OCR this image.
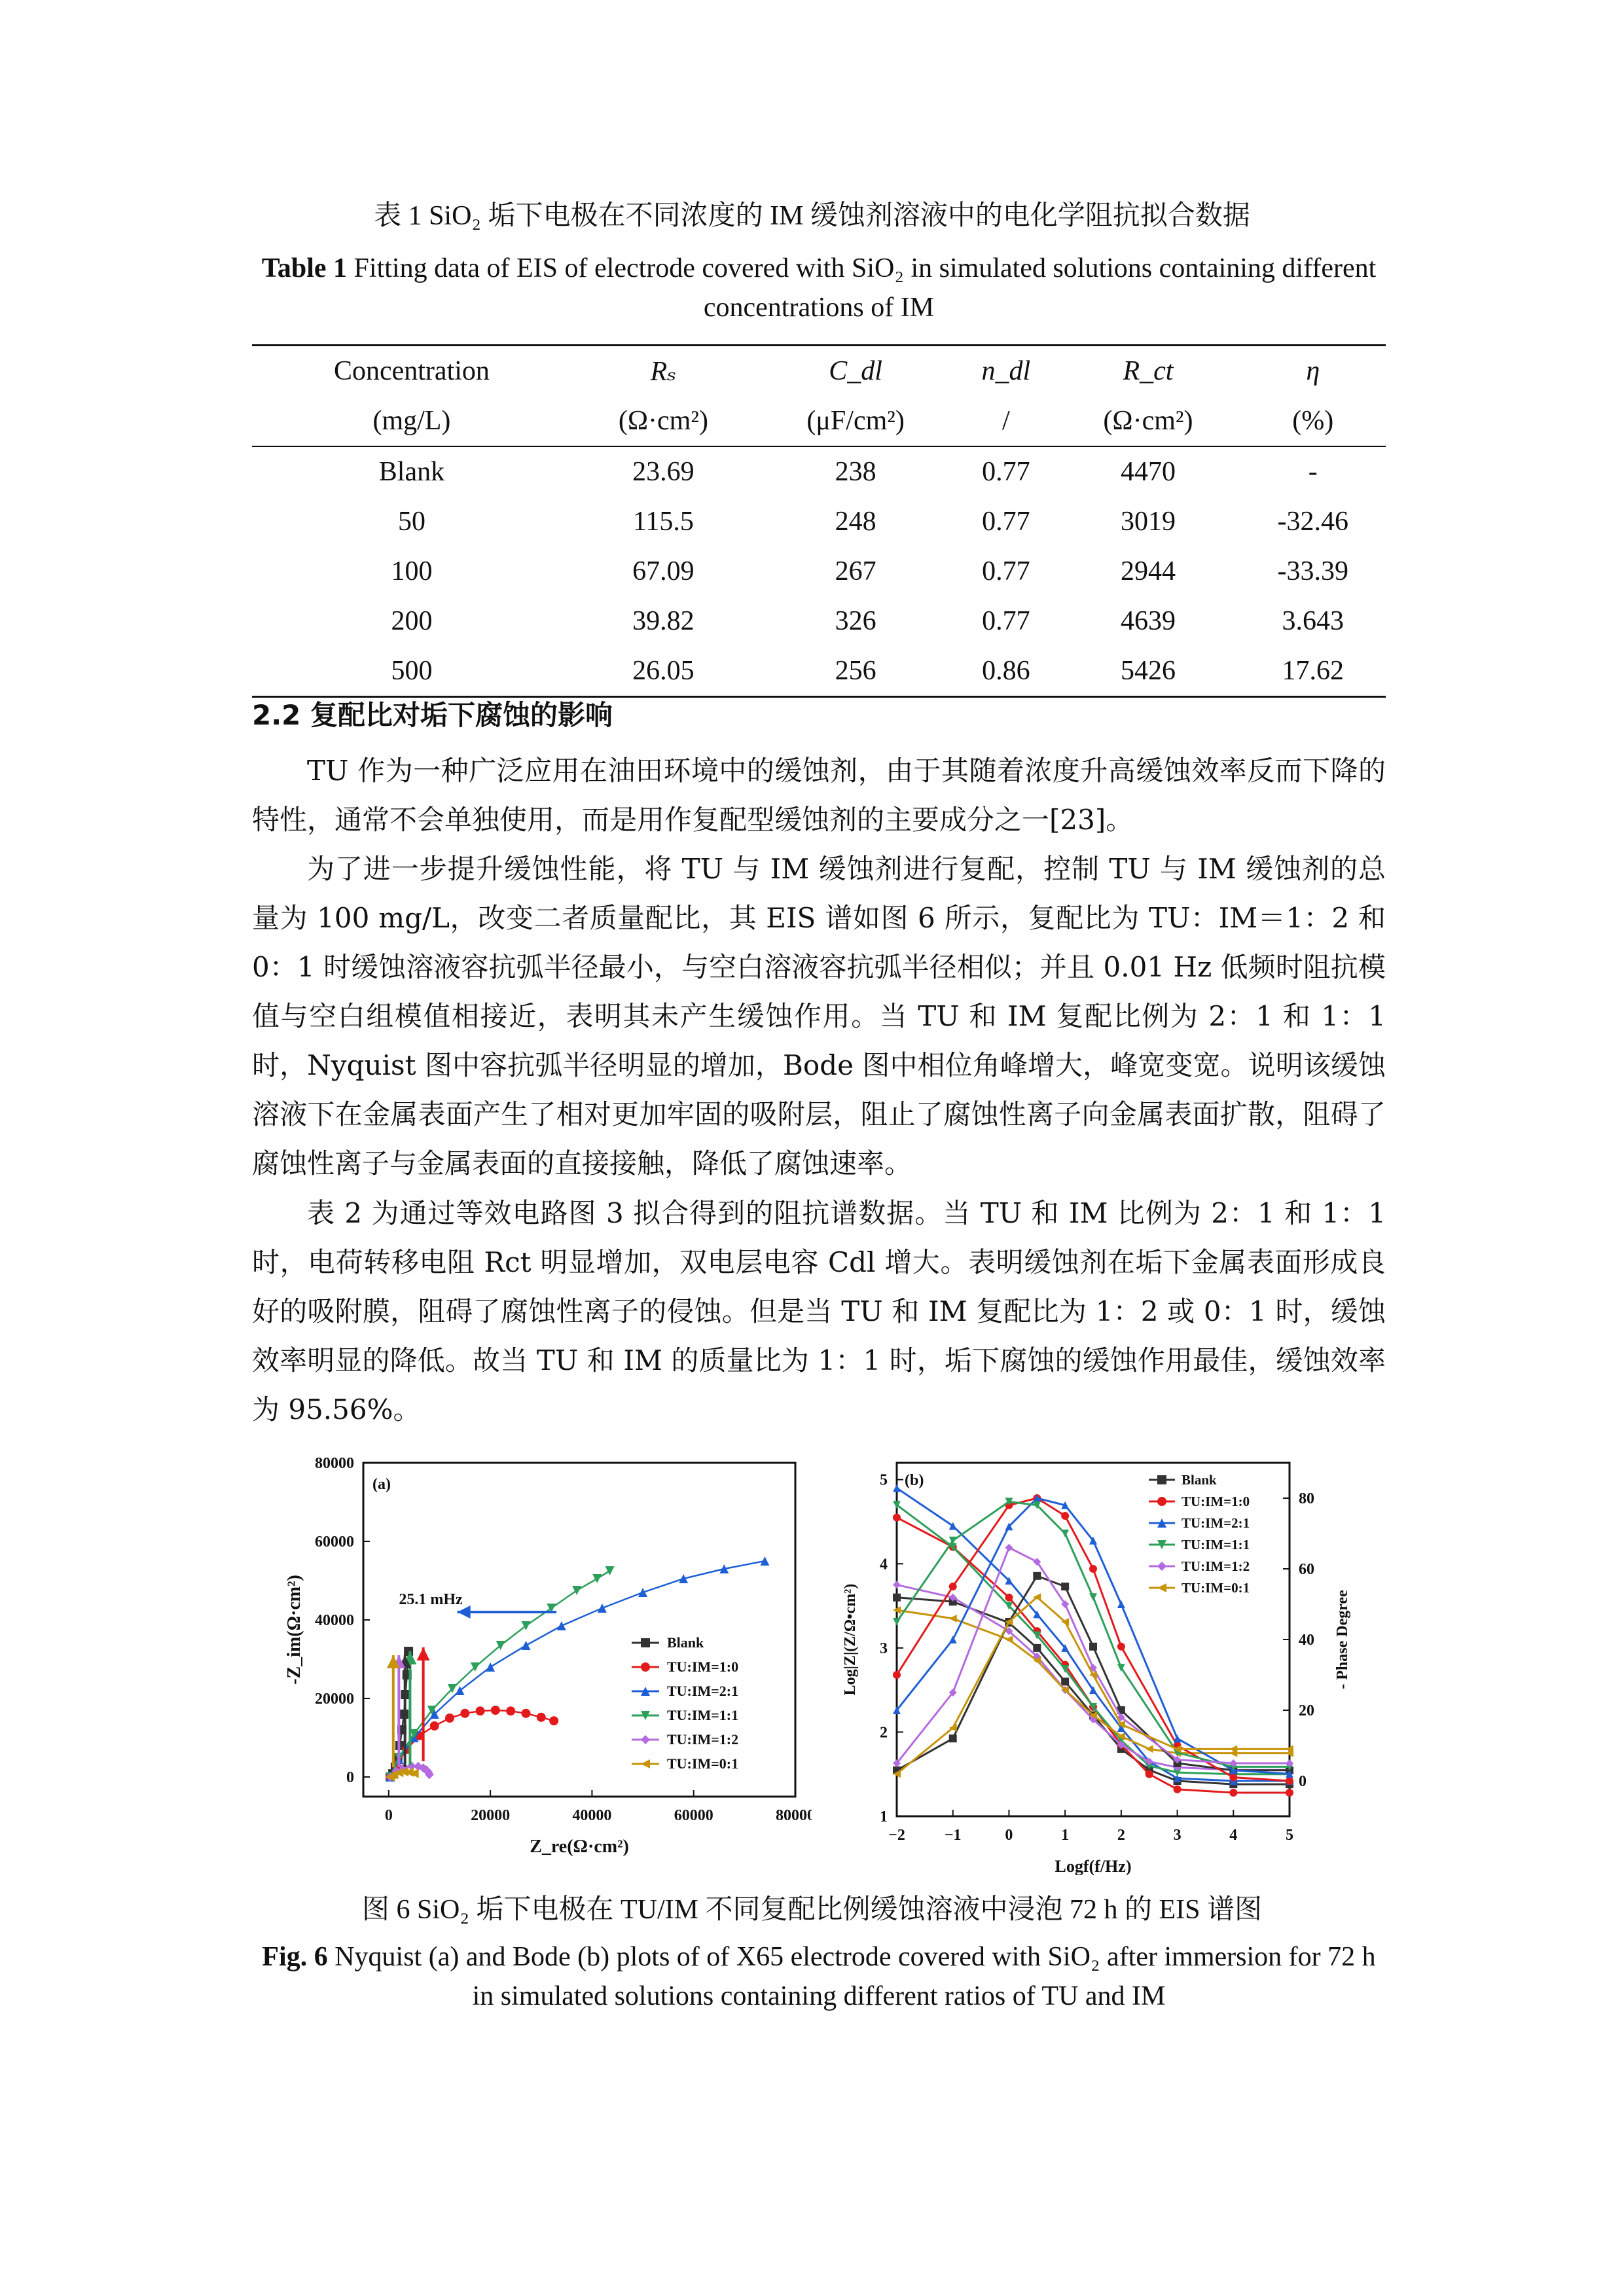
表 1 SiO₂ 垢下电极在不同浓度的 IM 缓蚀剂溶液中的电化学阻抗拟合数据
Table 1 Fitting data of EIS of electrode covered with SiO₂ in simulated solutions containing different concentrations of IM
Concentration	Rₛ	C_dl	n_dl	R_ct	η
(mg/L)	(Ω·cm²)	(μF/cm²)	/	(Ω·cm²)	(%)
Blank	23.69	238	0.77	4470	-
50	115.5	248	0.77	3019	-32.46
100	67.09	267	0.77	2944	-33.39
200	39.82	326	0.77	4639	3.643
500	26.05	256	0.86	5426	17.62
2.2 复配比对垢下腐蚀的影响
TU 作为一种广泛应用在油田环境中的缓蚀剂，由于其随着浓度升高缓蚀效率反而下降的特性，通常不会单独使用，而是用作复配型缓蚀剂的主要成分之一[23]。
为了进一步提升缓蚀性能，将 TU 与 IM 缓蚀剂进行复配，控制 TU 与 IM 缓蚀剂的总量为 100 mg/L，改变二者质量配比，其 EIS 谱如图 6 所示，复配比为 TU：IM＝1：2 和 0：1 时缓蚀溶液容抗弧半径最小，与空白溶液容抗弧半径相似；并且 0.01 Hz 低频时阻抗模值与空白组模值相接近，表明其未产生缓蚀作用。当 TU 和 IM 复配比例为 2：1 和 1：1 时，Nyquist 图中容抗弧半径明显的增加，Bode 图中相位角峰增大，峰宽变宽。说明该缓蚀溶液下在金属表面产生了相对更加牢固的吸附层，阻止了腐蚀性离子向金属表面扩散，阻碍了腐蚀性离子与金属表面的直接接触，降低了腐蚀速率。
表 2 为通过等效电路图 3 拟合得到的阻抗谱数据。当 TU 和 IM 比例为 2：1 和 1：1 时，电荷转移电阻 Rct 明显增加，双电层电容 Cdl 增大。表明缓蚀剂在垢下金属表面形成良好的吸附膜，阻碍了腐蚀性离子的侵蚀。但是当 TU 和 IM 复配比为 1：2 或 0：1 时，缓蚀效率明显的降低。故当 TU 和 IM 的质量比为 1：1 时，垢下腐蚀的缓蚀作用最佳，缓蚀效率为 95.56%。
0	20000	40000	60000	80000
0
20000
40000
60000
80000
(a)
Z_re(Ω·cm²)
-Z_im(Ω·cm²)	25.1 mHz
Blank
TU:IM=1:0
TU:IM=2:1
TU:IM=1:1
TU:IM=1:2
TU:IM=0:1
−2	−1	0	1	2	3	4	5
1
2
3
4
5
0
20
40
60
80
(b)
Logf(f/Hz)
Log|Z|(Z/Ω•cm²)	- Phase Degree
Blank
TU:IM=1:0
TU:IM=2:1
TU:IM=1:1
TU:IM=1:2
TU:IM=0:1
图 6 SiO₂ 垢下电极在 TU/IM 不同复配比例缓蚀溶液中浸泡 72 h 的 EIS 谱图
Fig. 6 Nyquist (a) and Bode (b) plots of of X65 electrode covered with SiO₂ after immersion for 72 h in simulated solutions containing different ratios of TU and IM
